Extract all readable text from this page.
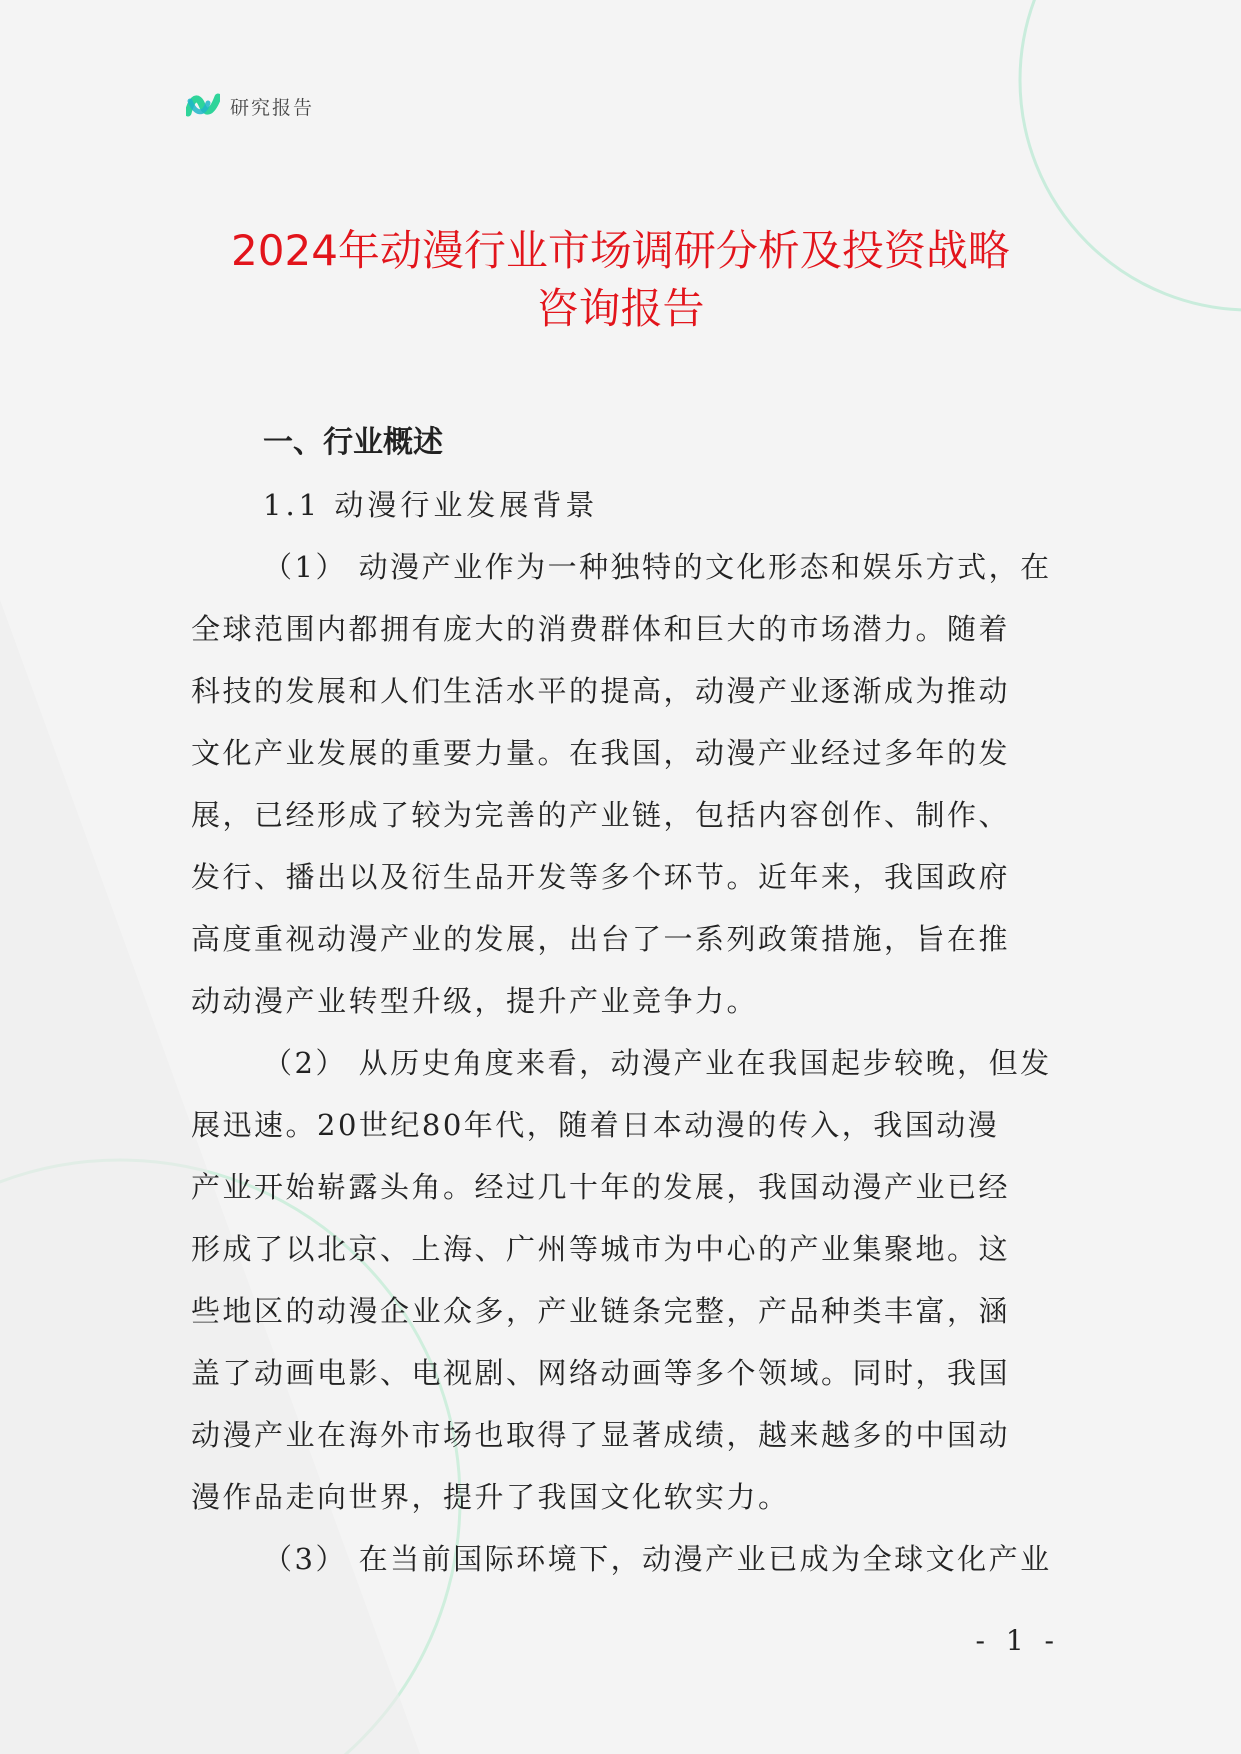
研究报告
2024年动漫行业市场调研分析及投资战略
咨询报告
一、行业概述
1.1 动漫行业发展背景
（1） 动漫产业作为一种独特的文化形态和娱乐方式，在
全球范围内都拥有庞大的消费群体和巨大的市场潜力。随着
科技的发展和人们生活水平的提高，动漫产业逐渐成为推动
文化产业发展的重要力量。在我国，动漫产业经过多年的发
展，已经形成了较为完善的产业链，包括内容创作、制作、
发行、播出以及衍生品开发等多个环节。近年来，我国政府
高度重视动漫产业的发展，出台了一系列政策措施，旨在推
动动漫产业转型升级，提升产业竞争力。
（2） 从历史角度来看，动漫产业在我国起步较晚，但发
展迅速。20世纪80年代，随着日本动漫的传入，我国动漫
产业开始崭露头角。经过几十年的发展，我国动漫产业已经
形成了以北京、上海、广州等城市为中心的产业集聚地。这
些地区的动漫企业众多，产业链条完整，产品种类丰富，涵
盖了动画电影、电视剧、网络动画等多个领域。同时，我国
动漫产业在海外市场也取得了显著成绩，越来越多的中国动
漫作品走向世界，提升了我国文化软实力。
（3） 在当前国际环境下，动漫产业已成为全球文化产业
- 1 -
